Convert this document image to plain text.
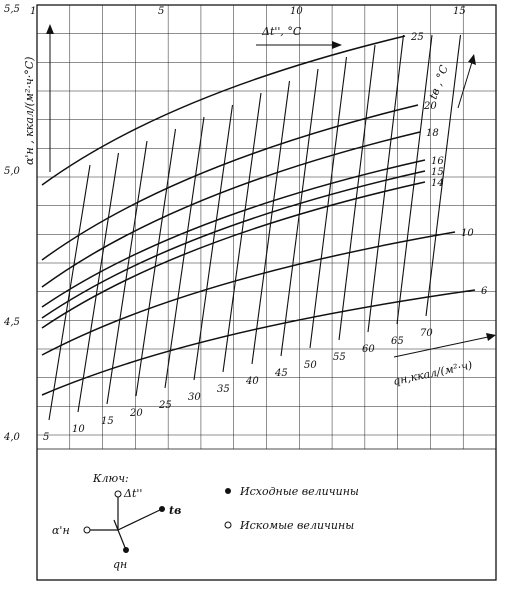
1	5	10	15
Δt'', °C
5,5
5,0
4,5
4,0
α'н , ккал/(м²·ч·°С)	tв , °С
qн,ккал/(м²·ч)
25
20
18
16
15
14
10
6
5
10
15
20
25
30
35
40
45
50
55
60
65
70
Ключ:
Δt''
α'н
tв
qн
Исходные величины
Искомые величины
